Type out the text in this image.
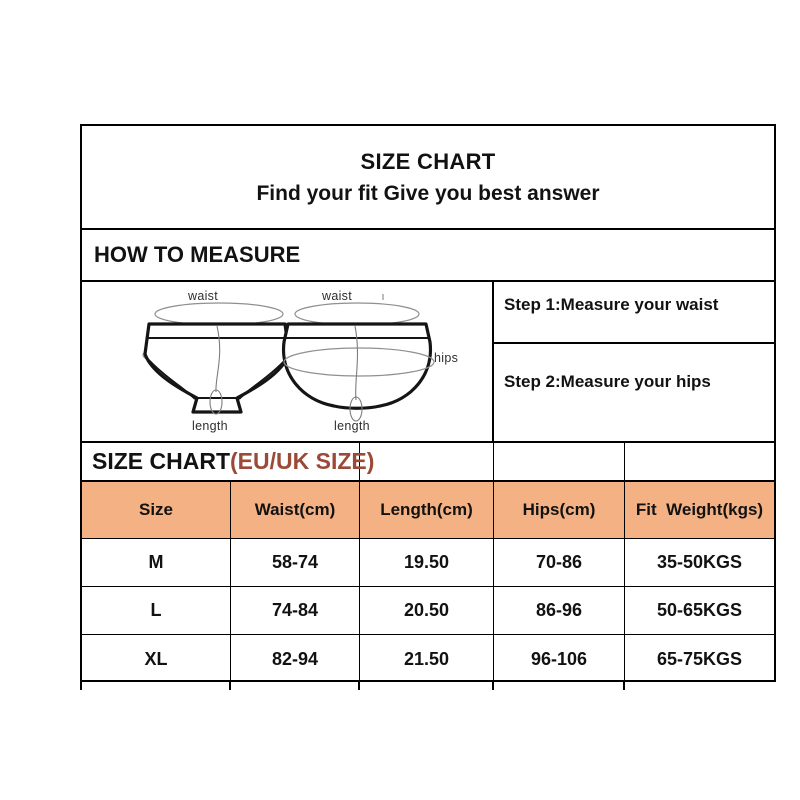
SIZE CHART
Find your fit Give you best answer
HOW TO MEASURE
waist
length
waist
hips
length
Step 1:Measure your waist
Step 2:Measure your hips
SIZE CHART (EU/UK SIZE)
Size	Waist(cm)	Length(cm)	Hips(cm)	Fit  Weight(kgs)
M	58-74	19.50	70-86	35-50KGS
L	74-84	20.50	86-96	50-65KGS
XL	82-94	21.50	96-106	65-75KGS
